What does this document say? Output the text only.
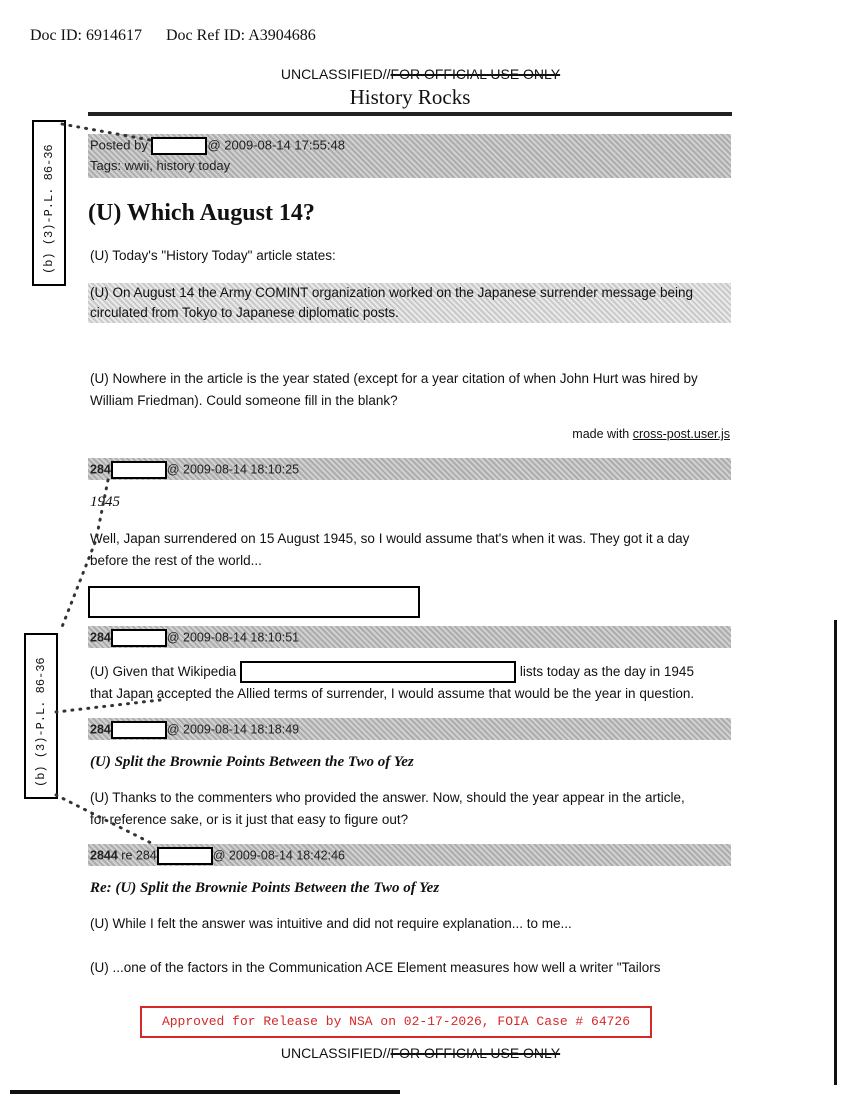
Doc ID: 6914617 Doc Ref ID: A3904686
UNCLASSIFIED//FOR OFFICIAL USE ONLY
History Rocks
Posted by	@ 2009-08-14 17:55:48
Tags: wwii, history today
(U) Which August 14?
(U) Today's "History Today" article states:
(U) On August 14 the Army COMINT organization worked on the Japanese surrender message being
circulated from Tokyo to Japanese diplomatic posts.
(U) Nowhere in the article is the year stated (except for a year citation of when John Hurt was hired by
William Friedman). Could someone fill in the blank?
made with cross-post.user.js
284	@ 2009-08-14 18:10:25
1945
Well, Japan surrendered on 15 August 1945, so I would assume that's when it was. They got it a day
before the rest of the world...
284	@ 2009-08-14 18:10:51
(U) Given that Wikipedia	lists today as the day in 1945
that Japan accepted the Allied terms of surrender, I would assume that would be the year in question.
284	@ 2009-08-14 18:18:49
(U) Split the Brownie Points Between the Two of Yez
(U) Thanks to the commenters who provided the answer. Now, should the year appear in the article,
for reference sake, or is it just that easy to figure out?
2844 re 284	@ 2009-08-14 18:42:46
Re: (U) Split the Brownie Points Between the Two of Yez
(U) While I felt the answer was intuitive and did not require explanation... to me...
(U) ...one of the factors in the Communication ACE Element measures how well a writer "Tailors
(b) (3)-P.L. 86-36
(b) (3)-P.L. 86-36
Approved for Release by NSA on 02-17-2026, FOIA Case # 64726
UNCLASSIFIED//FOR OFFICIAL USE ONLY
